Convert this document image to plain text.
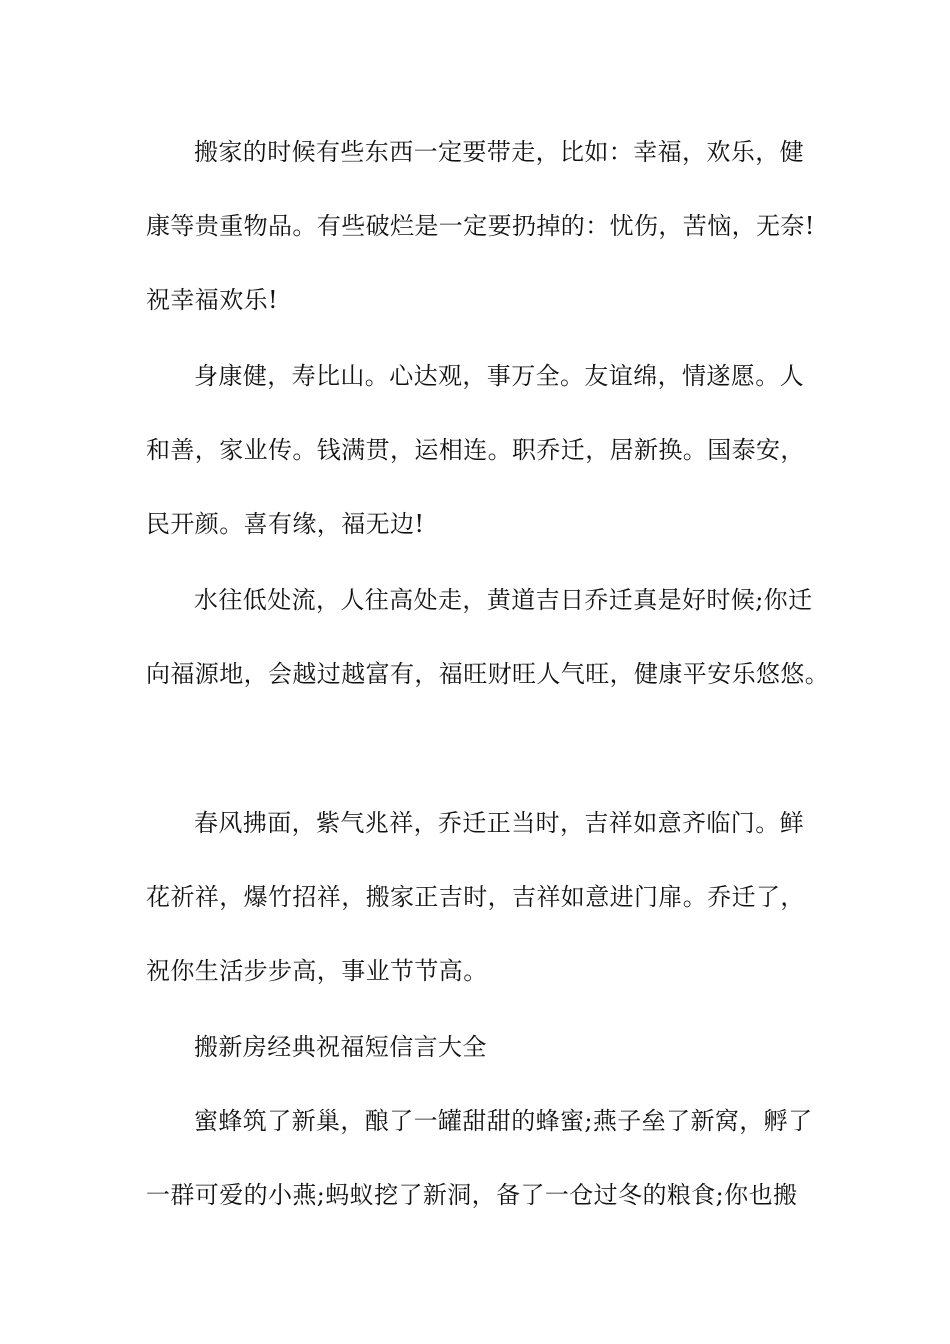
搬家的时候有些东西一定要带走，比如：幸福，欢乐，健
康等贵重物品。有些破烂是一定要扔掉的：忧伤，苦恼，无奈!
祝幸福欢乐!
身康健，寿比山。心达观，事万全。友谊绵，情遂愿。人
和善，家业传。钱满贯，运相连。职乔迁，居新换。国泰安，
民开颜。喜有缘，福无边!
水往低处流，人往高处走，黄道吉日乔迁真是好时候;你迁
向福源地，会越过越富有，福旺财旺人气旺，健康平安乐悠悠。
春风拂面，紫气兆祥，乔迁正当时，吉祥如意齐临门。鲜
花祈祥，爆竹招祥，搬家正吉时，吉祥如意进门扉。乔迁了，
祝你生活步步高，事业节节高。
搬新房经典祝福短信言大全
蜜蜂筑了新巢，酿了一罐甜甜的蜂蜜;燕子垒了新窝，孵了
一群可爱的小燕;蚂蚁挖了新洞，备了一仓过冬的粮食;你也搬
